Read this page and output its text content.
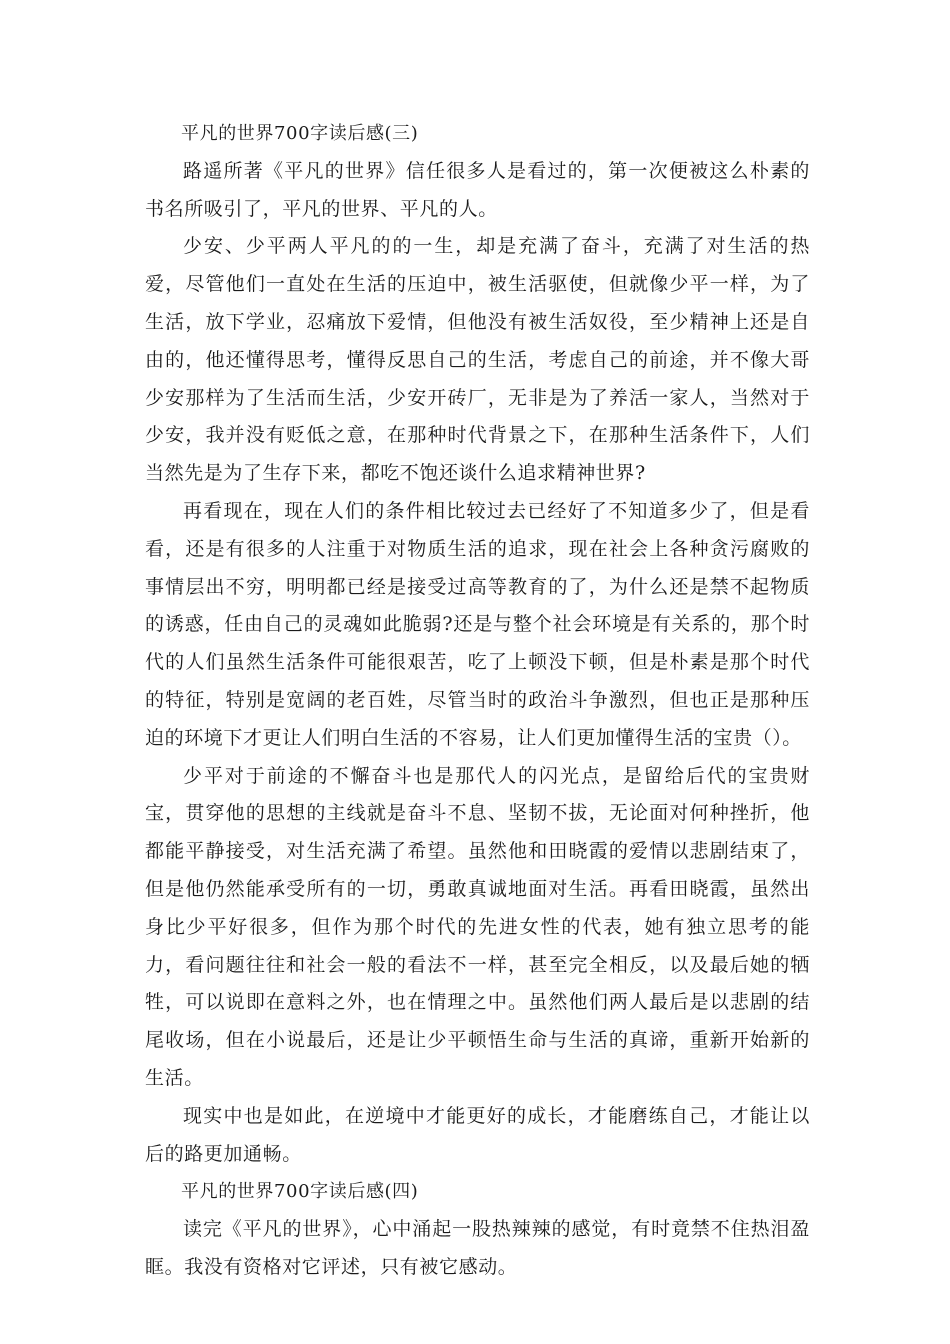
平凡的世界700字读后感(三)

路遥所著《平凡的世界》信任很多人是看过的，第一次便被这么朴素的书名所吸引了，平凡的世界、平凡的人。

少安、少平两人平凡的的一生，却是充满了奋斗，充满了对生活的热爱，尽管他们一直处在生活的压迫中，被生活驱使，但就像少平一样，为了生活，放下学业，忍痛放下爱情，但他没有被生活奴役，至少精神上还是自由的，他还懂得思考，懂得反思自己的生活，考虑自己的前途，并不像大哥少安那样为了生活而生活，少安开砖厂，无非是为了养活一家人，当然对于少安，我并没有贬低之意，在那种时代背景之下，在那种生活条件下，人们当然先是为了生存下来，都吃不饱还谈什么追求精神世界?

再看现在，现在人们的条件相比较过去已经好了不知道多少了，但是看看，还是有很多的人注重于对物质生活的追求，现在社会上各种贪污腐败的事情层出不穷，明明都已经是接受过高等教育的了，为什么还是禁不起物质的诱惑，任由自己的灵魂如此脆弱?还是与整个社会环境是有关系的，那个时代的人们虽然生活条件可能很艰苦，吃了上顿没下顿，但是朴素是那个时代的特征，特别是宽阔的老百姓，尽管当时的政治斗争激烈，但也正是那种压迫的环境下才更让人们明白生活的不容易，让人们更加懂得生活的宝贵（）。

少平对于前途的不懈奋斗也是那代人的闪光点，是留给后代的宝贵财宝，贯穿他的思想的主线就是奋斗不息、坚韧不拔，无论面对何种挫折，他都能平静接受，对生活充满了希望。虽然他和田晓霞的爱情以悲剧结束了，但是他仍然能承受所有的一切，勇敢真诚地面对生活。再看田晓霞，虽然出身比少平好很多，但作为那个时代的先进女性的代表，她有独立思考的能力，看问题往往和社会一般的看法不一样，甚至完全相反，以及最后她的牺牲，可以说即在意料之外，也在情理之中。虽然他们两人最后是以悲剧的结尾收场，但在小说最后，还是让少平顿悟生命与生活的真谛，重新开始新的生活。

现实中也是如此，在逆境中才能更好的成长，才能磨练自己，才能让以后的路更加通畅。

平凡的世界700字读后感(四)

读完《平凡的世界》，心中涌起一股热辣辣的感觉，有时竟禁不住热泪盈眶。我没有资格对它评述，只有被它感动。
